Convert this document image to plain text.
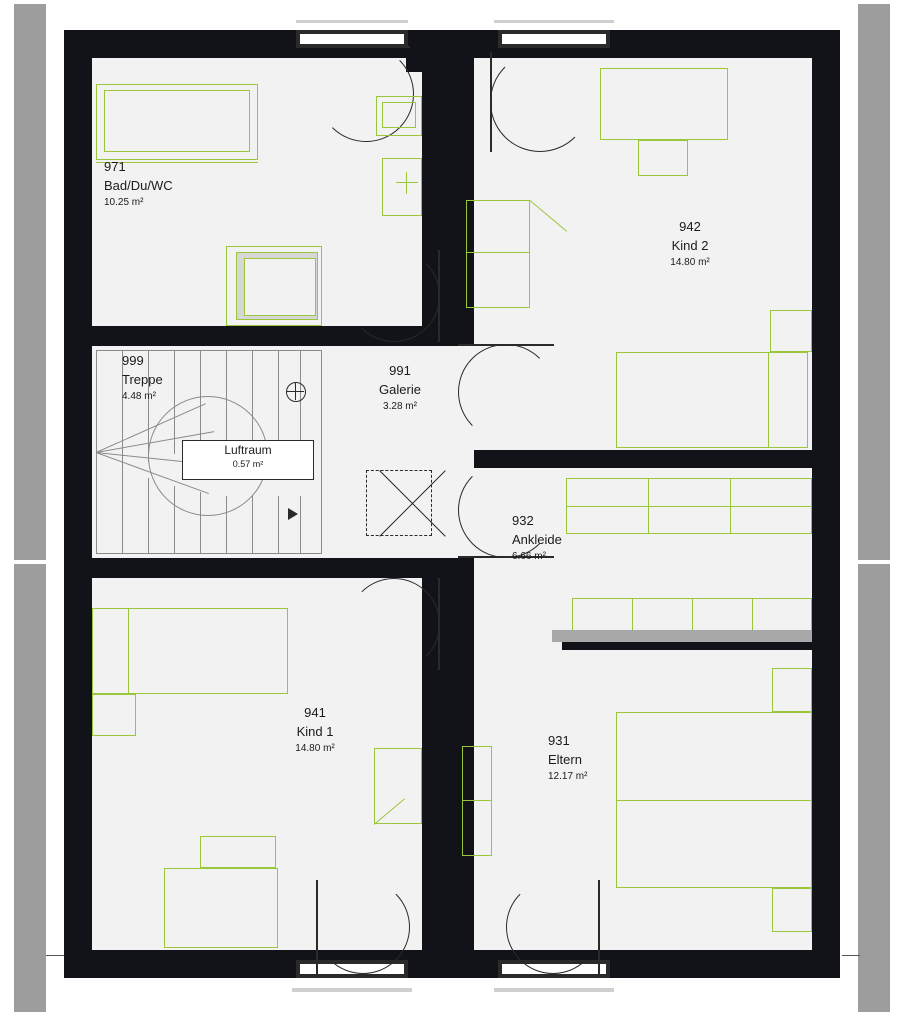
Luftraum
0.57 m²
971
Bad/Du/WC
10.25 m²
942
Kind 2
14.80 m²
999
Treppe
4.48 m²
991
Galerie
3.28 m²
932
Ankleide
6.66 m²
941
Kind 1
14.80 m²
931
Eltern
12.17 m²
